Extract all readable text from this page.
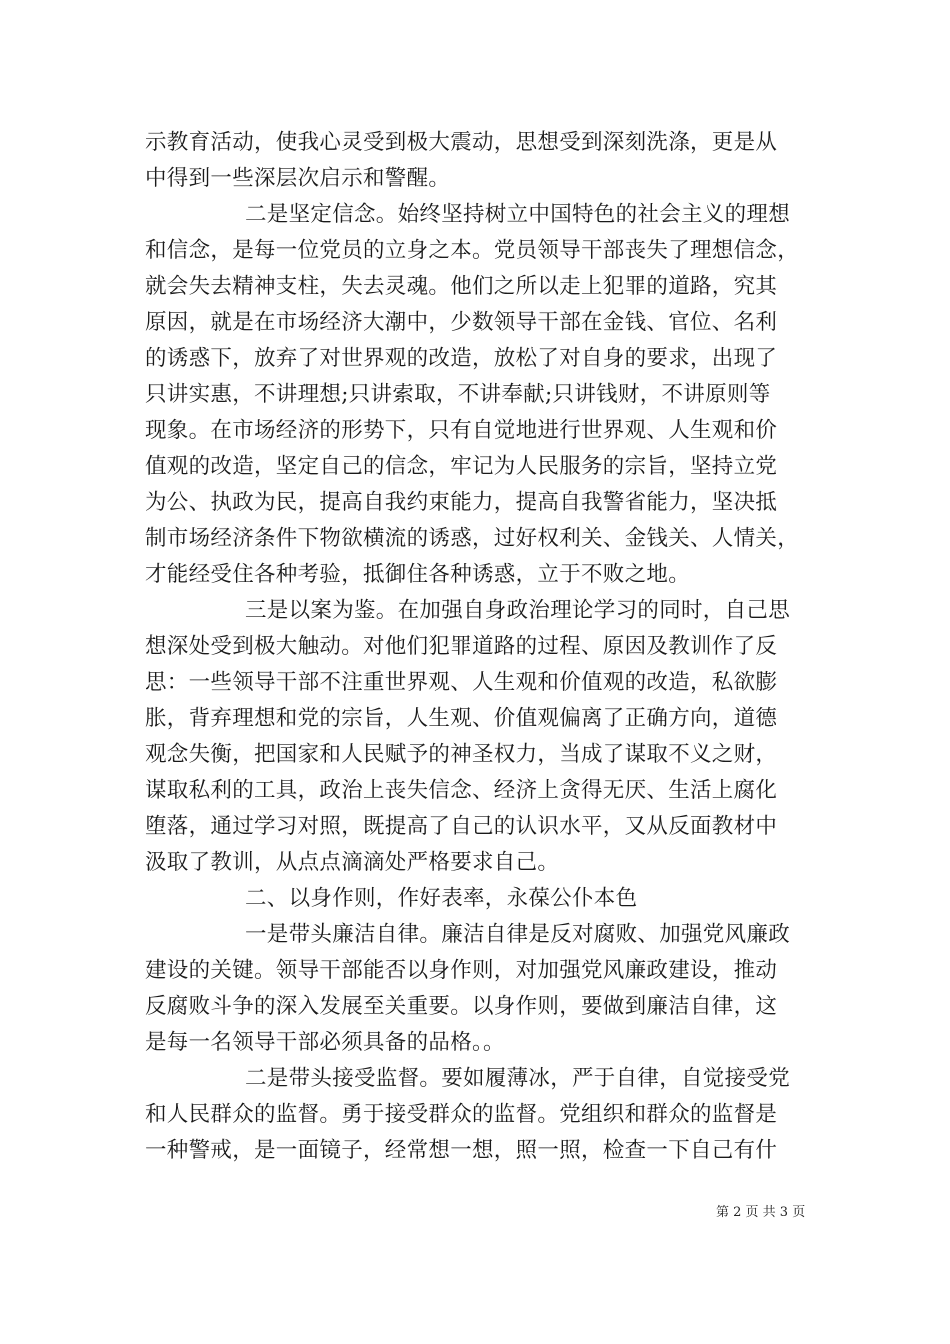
示教育活动，使我心灵受到极大震动，思想受到深刻洗涤，更是从
中得到一些深层次启示和警醒。
二是坚定信念。始终坚持树立中国特色的社会主义的理想
和信念，是每一位党员的立身之本。党员领导干部丧失了理想信念，
就会失去精神支柱，失去灵魂。他们之所以走上犯罪的道路，究其
原因，就是在市场经济大潮中，少数领导干部在金钱、官位、名利
的诱惑下，放弃了对世界观的改造，放松了对自身的要求，出现了
只讲实惠，不讲理想;只讲索取，不讲奉献;只讲钱财，不讲原则等
现象。在市场经济的形势下，只有自觉地进行世界观、人生观和价
值观的改造，坚定自己的信念，牢记为人民服务的宗旨，坚持立党
为公、执政为民，提高自我约束能力，提高自我警省能力，坚决抵
制市场经济条件下物欲横流的诱惑，过好权利关、金钱关、人情关，
才能经受住各种考验，抵御住各种诱惑，立于不败之地。
三是以案为鉴。在加强自身政治理论学习的同时，自己思
想深处受到极大触动。对他们犯罪道路的过程、原因及教训作了反
思：一些领导干部不注重世界观、人生观和价值观的改造，私欲膨
胀，背弃理想和党的宗旨，人生观、价值观偏离了正确方向，道德
观念失衡，把国家和人民赋予的神圣权力，当成了谋取不义之财，
谋取私利的工具，政治上丧失信念、经济上贪得无厌、生活上腐化
堕落，通过学习对照，既提高了自己的认识水平，又从反面教材中
汲取了教训，从点点滴滴处严格要求自己。
二、以身作则，作好表率，永葆公仆本色
一是带头廉洁自律。廉洁自律是反对腐败、加强党风廉政
建设的关键。领导干部能否以身作则，对加强党风廉政建设，推动
反腐败斗争的深入发展至关重要。以身作则，要做到廉洁自律，这
是每一名领导干部必须具备的品格。。
二是带头接受监督。要如履薄冰，严于自律，自觉接受党
和人民群众的监督。勇于接受群众的监督。党组织和群众的监督是
一种警戒，是一面镜子，经常想一想，照一照，检查一下自己有什
第 2 页 共 3 页
